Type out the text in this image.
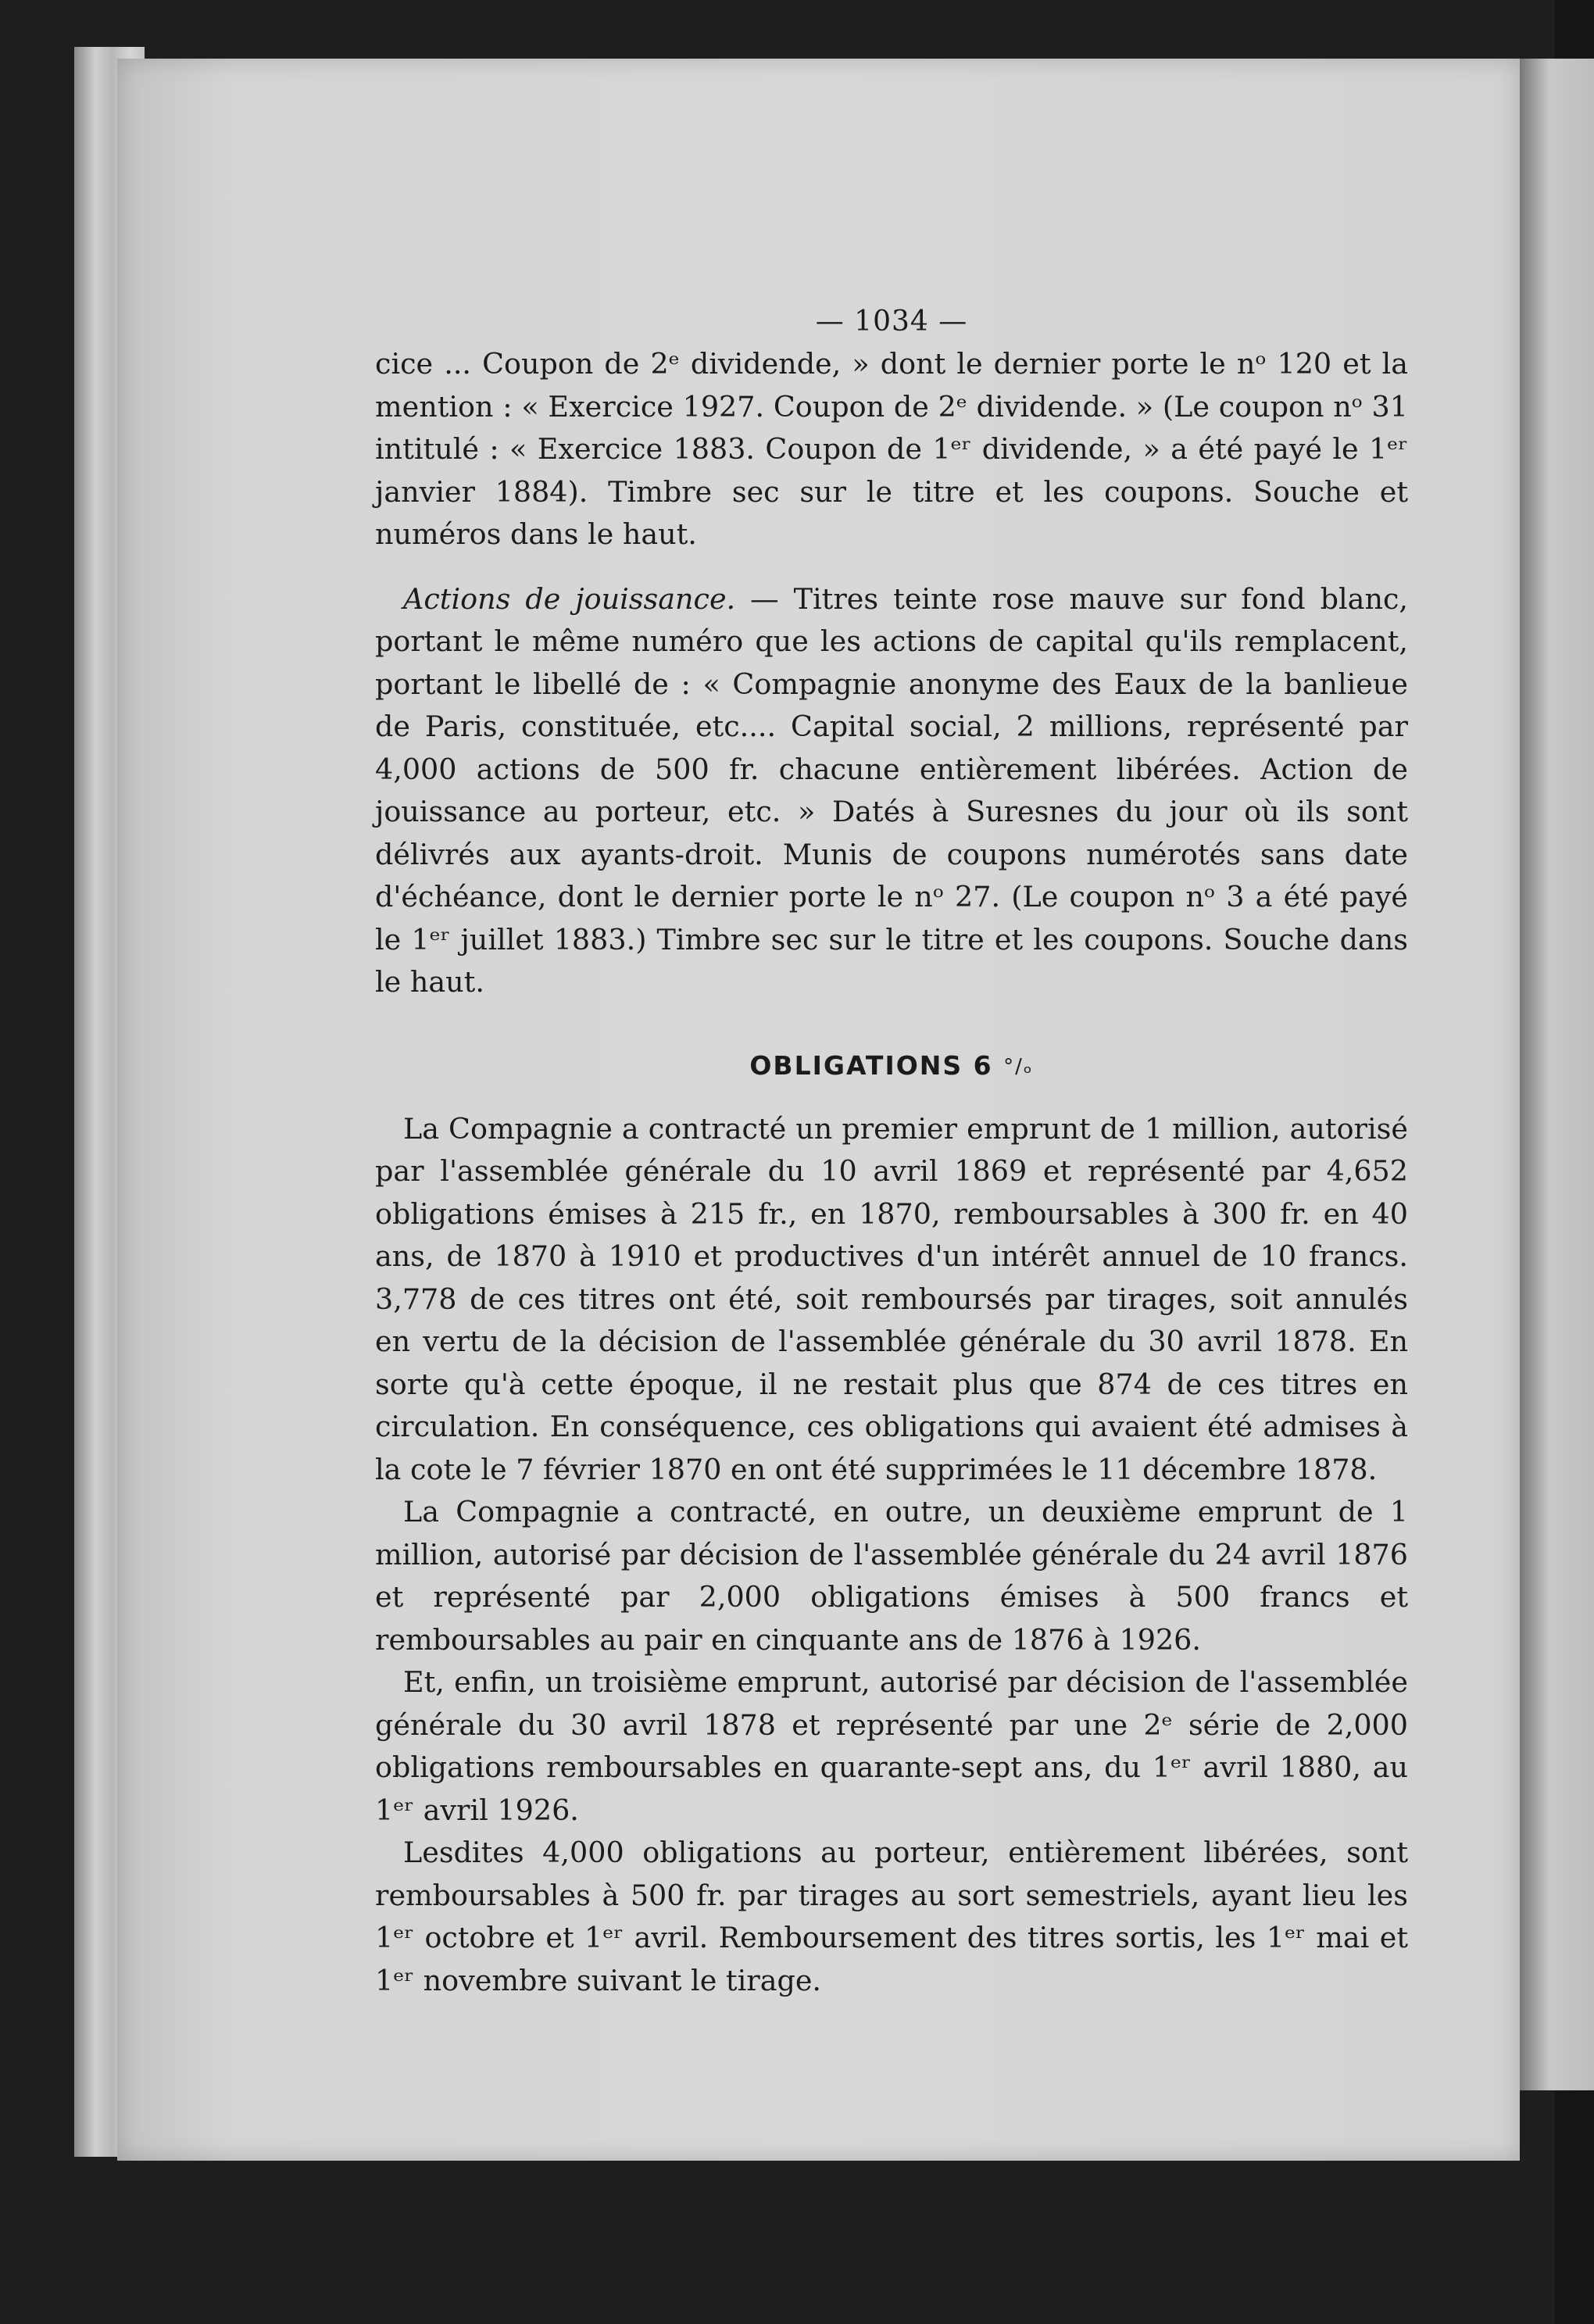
— 1034 —

cice ... Coupon de 2ᵉ dividende, » dont le dernier porte le nᵒ 120 et la mention : « Exercice 1927. Coupon de 2ᵉ dividende. » (Le coupon nᵒ 31 intitulé : « Exercice 1883. Coupon de 1ᵉʳ dividende, » a été payé le 1ᵉʳ janvier 1884). Timbre sec sur le titre et les coupons. Souche et numéros dans le haut.

Actions de jouissance. — Titres teinte rose mauve sur fond blanc, portant le même numéro que les actions de capital qu'ils remplacent, portant le libellé de : « Compagnie anonyme des Eaux de la banlieue de Paris, constituée, etc.... Capital social, 2 millions, représenté par 4,000 actions de 500 fr. chacune entièrement libérées. Action de jouissance au porteur, etc. » Datés à Suresnes du jour où ils sont délivrés aux ayants-droit. Munis de coupons numérotés sans date d'échéance, dont le dernier porte le nᵒ 27. (Le coupon nᵒ 3 a été payé le 1ᵉʳ juillet 1883.) Timbre sec sur le titre et les coupons. Souche dans le haut.

OBLIGATIONS 6 °/ₒ

La Compagnie a contracté un premier emprunt de 1 million, autorisé par l'assemblée générale du 10 avril 1869 et représenté par 4,652 obligations émises à 215 fr., en 1870, remboursables à 300 fr. en 40 ans, de 1870 à 1910 et productives d'un intérêt annuel de 10 francs. 3,778 de ces titres ont été, soit remboursés par tirages, soit annulés en vertu de la décision de l'assemblée générale du 30 avril 1878. En sorte qu'à cette époque, il ne restait plus que 874 de ces titres en circulation. En conséquence, ces obligations qui avaient été admises à la cote le 7 février 1870 en ont été supprimées le 11 décembre 1878.

La Compagnie a contracté, en outre, un deuxième emprunt de 1 million, autorisé par décision de l'assemblée générale du 24 avril 1876 et représenté par 2,000 obligations émises à 500 francs et remboursables au pair en cinquante ans de 1876 à 1926.

Et, enfin, un troisième emprunt, autorisé par décision de l'assemblée générale du 30 avril 1878 et représenté par une 2ᵉ série de 2,000 obligations remboursables en quarante-sept ans, du 1ᵉʳ avril 1880, au 1ᵉʳ avril 1926.

Lesdites 4,000 obligations au porteur, entièrement libérées, sont remboursables à 500 fr. par tirages au sort semestriels, ayant lieu les 1ᵉʳ octobre et 1ᵉʳ avril. Remboursement des titres sortis, les 1ᵉʳ mai et 1ᵉʳ novembre suivant le tirage.
